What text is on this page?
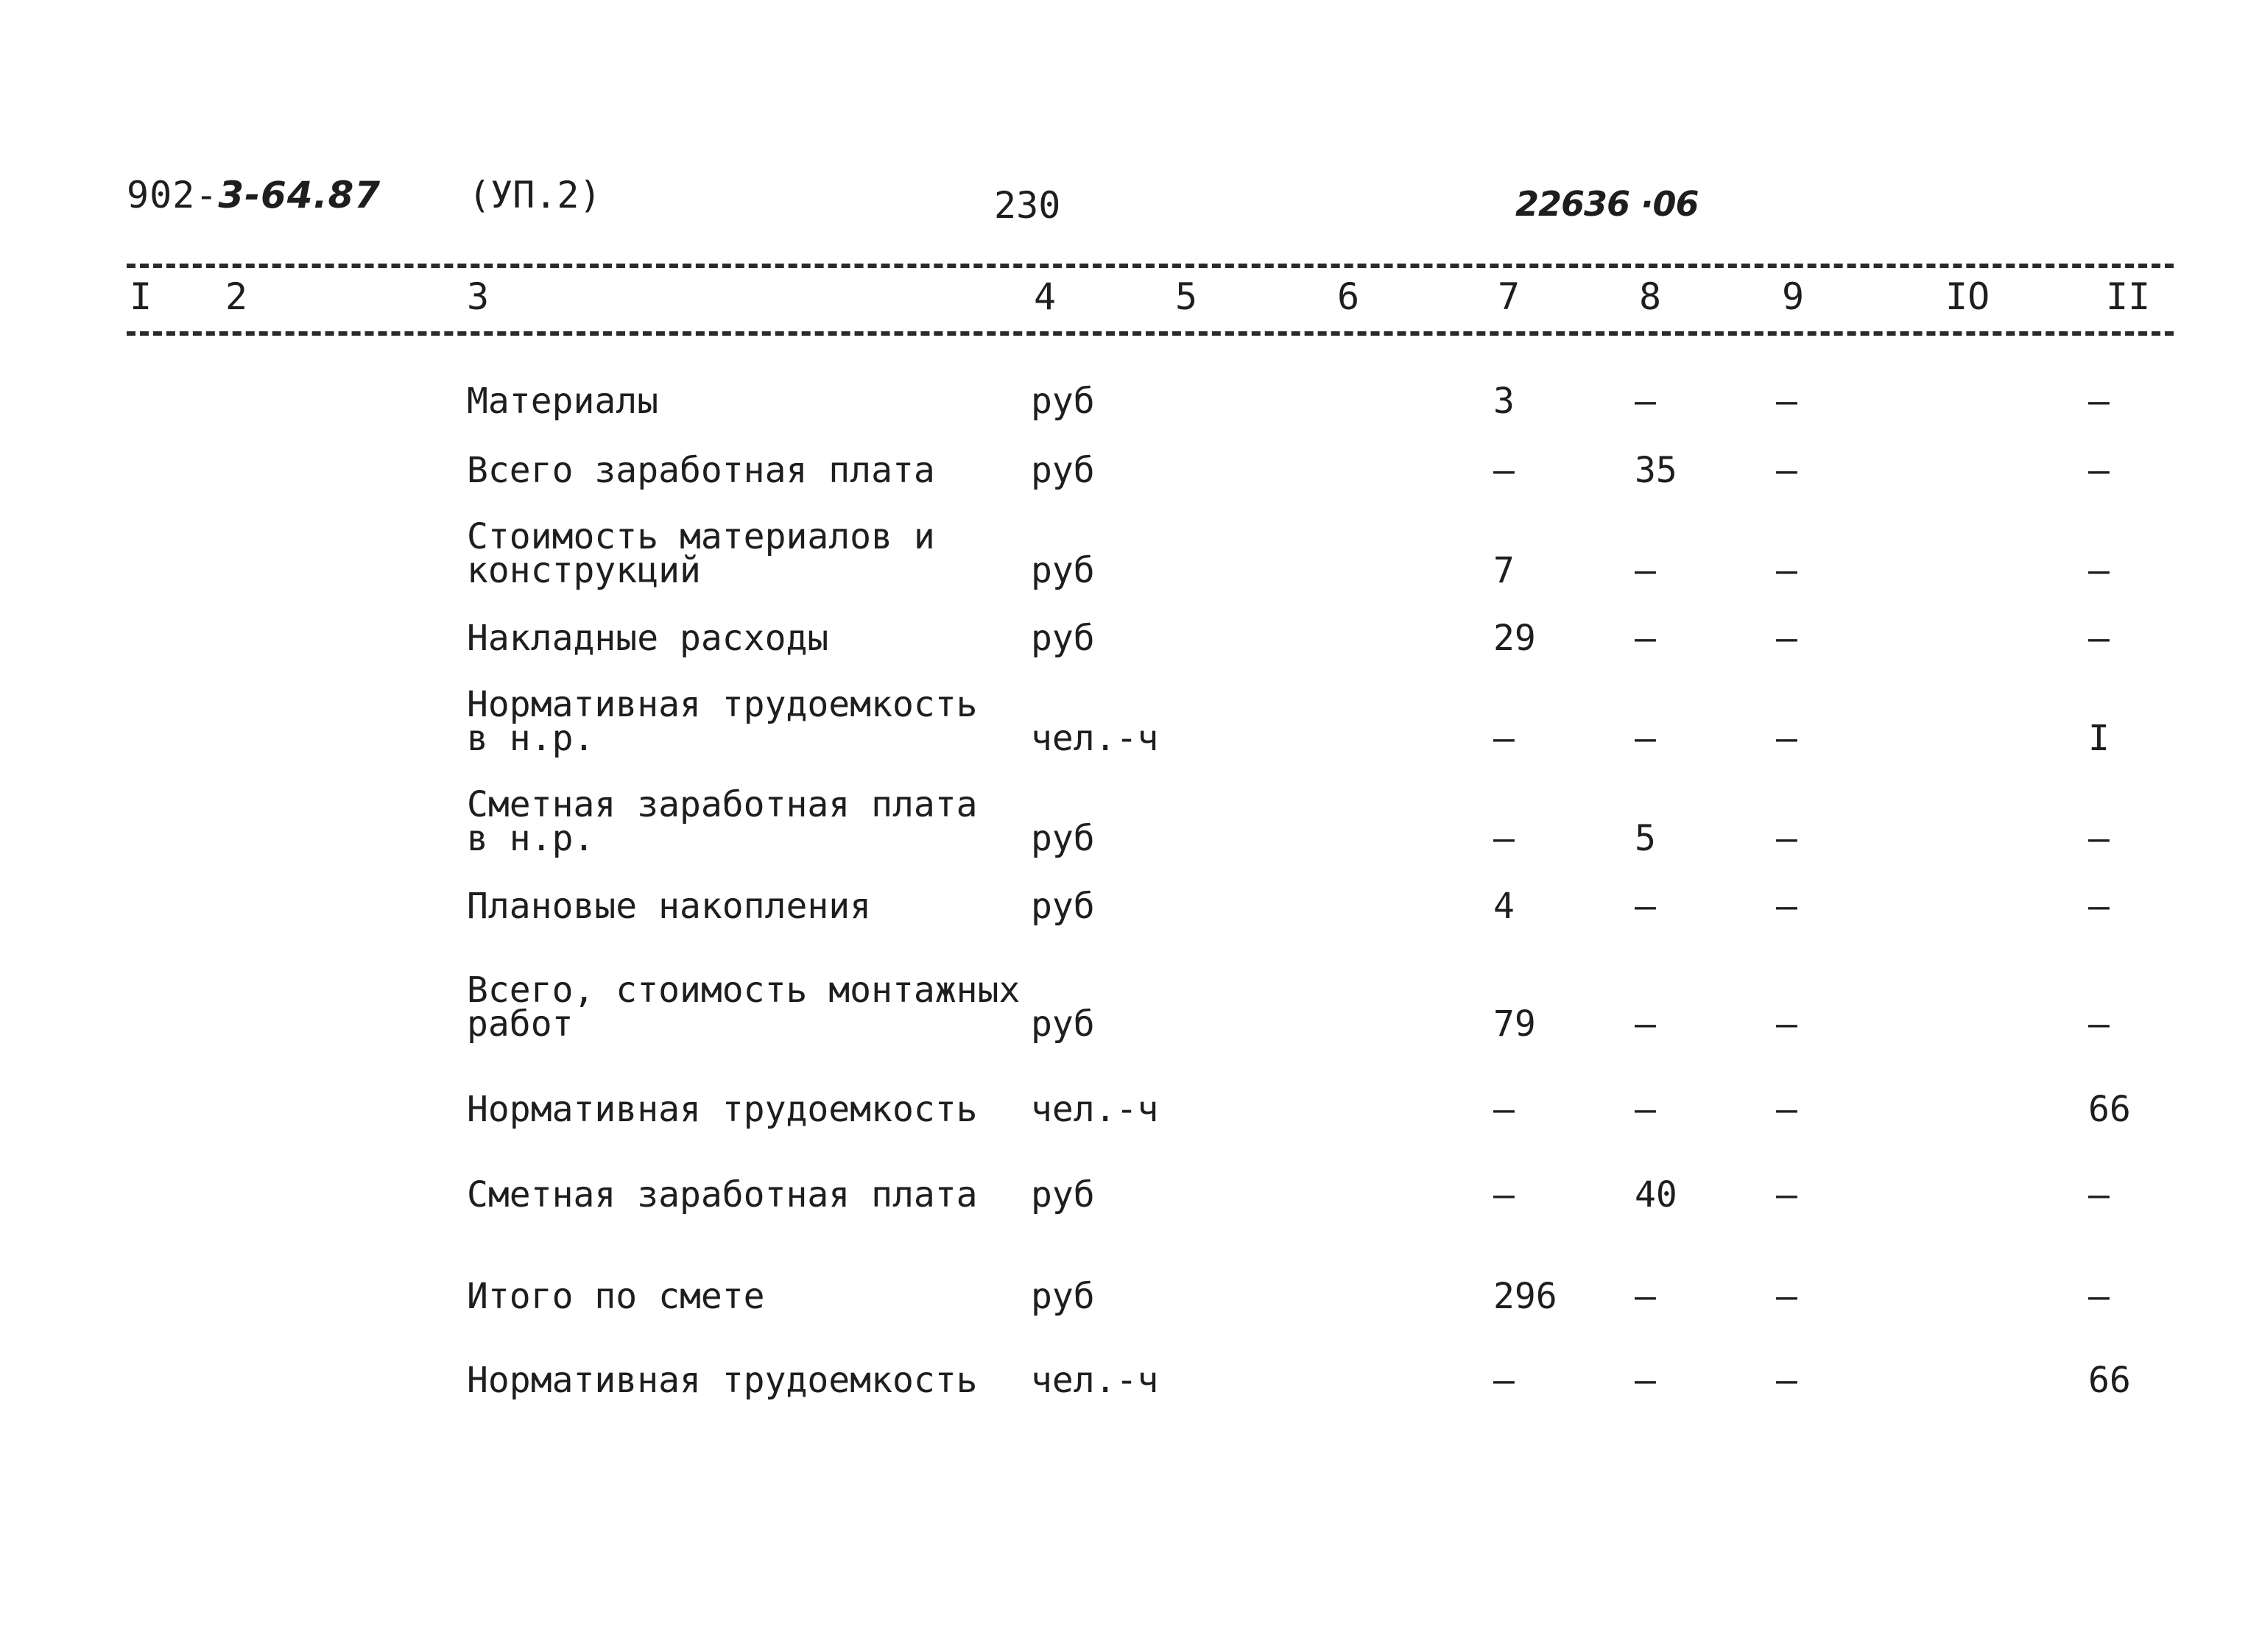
902-3-64.87 (УП.2)	230	22636 ·06
I 2	3	4	5	6	7	8	9	IO	II
Материалы	руб	3	–	–	–
Всего заработная плата	руб	–	35	–	–
Стоимость материалов и
конструкций	руб	7	–	–	–
Накладные расходы	руб	29	–	–	–
Нормативная трудоемкость
в н.р.	чел.-ч	–	–	–	I
Сметная заработная плата
в н.р.	руб	–	5	–	–
Плановые накопления	руб	4	–	–	–
Всего, стоимость монтажных
работ	руб	79	–	–	–
Нормативная трудоемкость чел.-ч	–	–	–	66
Сметная заработная плата руб	–	40	–	–
Итого по смете	руб	296 –	–	–
Нормативная трудоемкость чел.-ч	–	–	–	66
